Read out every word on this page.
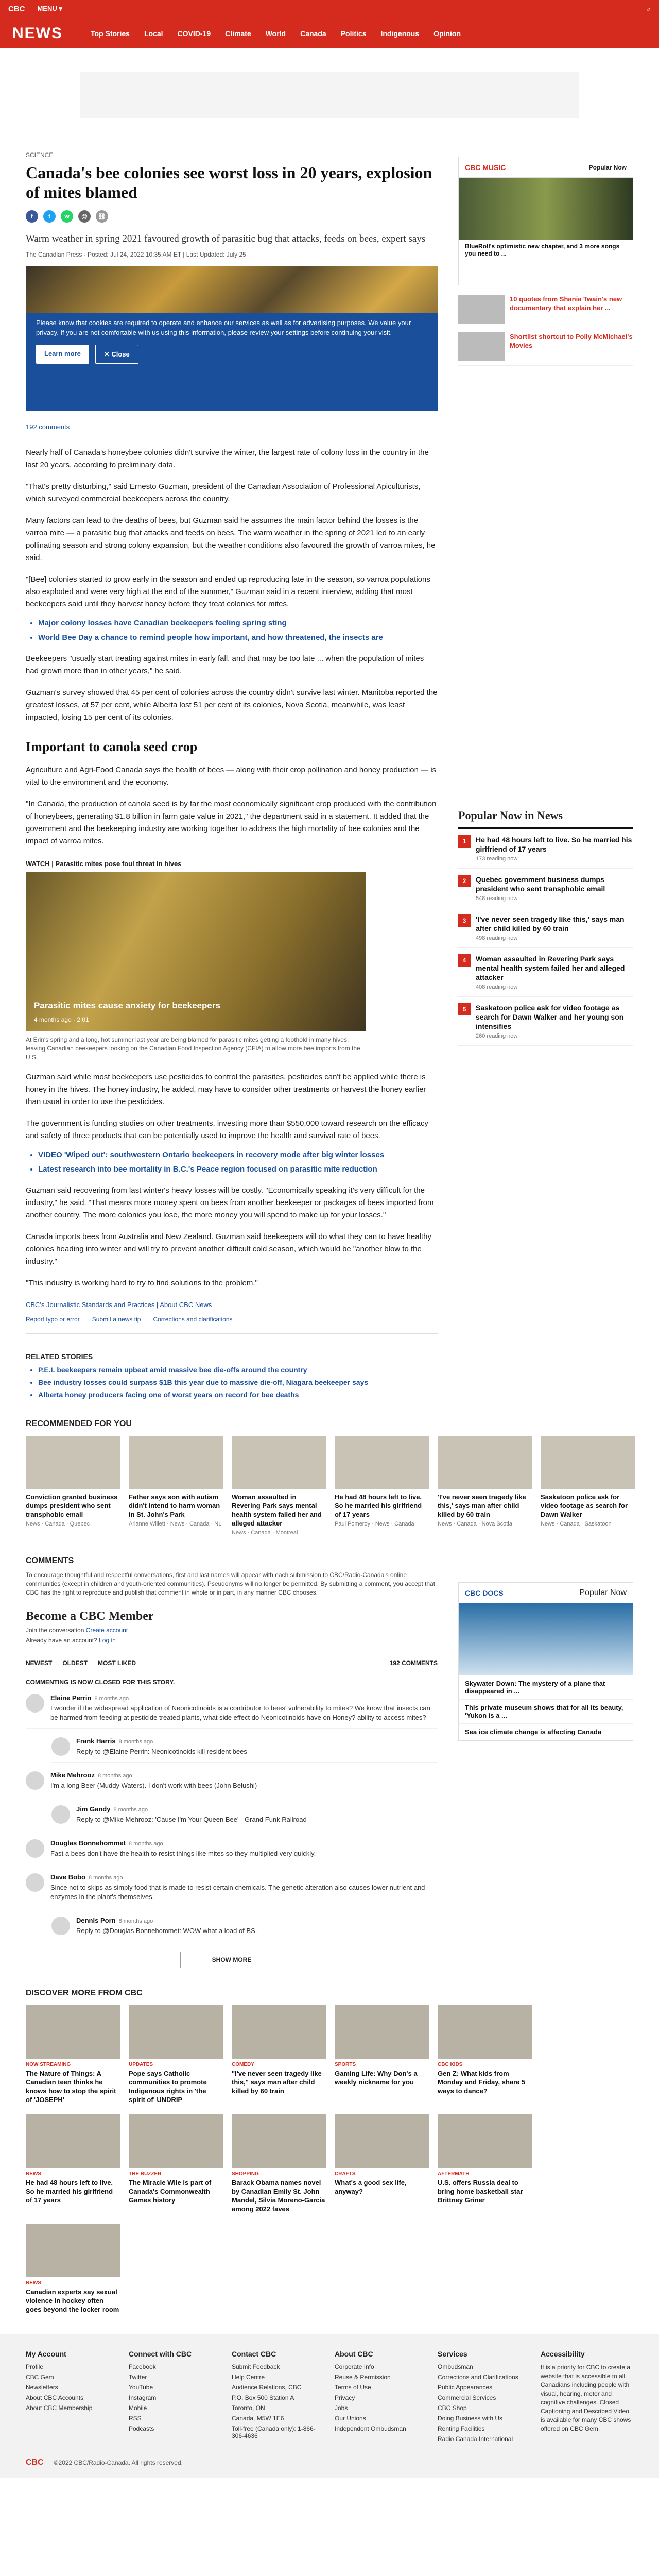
CBC MENU ▾	⌕
NEWS	Top Stories	Local	COVID-19	Climate	World	Canada	Politics	Indigenous	Opinion
SCIENCE
Canada's bee colonies see worst loss in 20 years, explosion of mites blamed
f	t	w	@	⛓

Warm weather in spring 2021 favoured growth of parasitic bug that attacks, feeds on bees, expert says

The Canadian Press · Posted: Jul 24, 2022 10:35 AM ET | Last Updated: July 25
Please know that cookies are required to operate and enhance our services as well as for advertising purposes. We value your privacy. If you are not comfortable with us using this information, please review your settings before continuing your visit.
Learn more	✕ Close
192 comments

Nearly half of Canada's honeybee colonies didn't survive the winter, the largest rate of colony loss in the country in the last 20 years, according to preliminary data.

"That's pretty disturbing," said Ernesto Guzman, president of the Canadian Association of Professional Apiculturists, which surveyed commercial beekeepers across the country.

Many factors can lead to the deaths of bees, but Guzman said he assumes the main factor behind the losses is the varroa mite — a parasitic bug that attacks and feeds on bees. The warm weather in the spring of 2021 led to an early pollinating season and strong colony expansion, but the weather conditions also favoured the growth of varroa mites, he said.

"[Bee] colonies started to grow early in the season and ended up reproducing late in the season, so varroa populations also exploded and were very high at the end of the summer," Guzman said in a recent interview, adding that most beekeepers said until they harvest honey before they treat colonies for mites.

• Major colony losses have Canadian beekeepers feeling spring sting
• World Bee Day a chance to remind people how important, and how threatened, the insects are

Beekeepers "usually start treating against mites in early fall, and that may be too late ... when the population of mites had grown more than in other years," he said.

Guzman's survey showed that 45 per cent of colonies across the country didn't survive last winter. Manitoba reported the greatest losses, at 57 per cent, while Alberta lost 51 per cent of its colonies, Nova Scotia, meanwhile, was least impacted, losing 15 per cent of its colonies.

Important to canola seed crop

Agriculture and Agri-Food Canada says the health of bees — along with their crop pollination and honey production — is vital to the environment and the economy.

"In Canada, the production of canola seed is by far the most economically significant crop produced with the contribution of honeybees, generating $1.8 billion in farm gate value in 2021," the department said in a statement. It added that the government and the beekeeping industry are working together to address the high mortality of bee colonies and the impact of varroa mites.

WATCH | Parasitic mites pose foul threat in hives
Parasitic mites cause anxiety for beekeepers
4 months ago · 2:01
At Erin's spring and a long, hot summer last year are being blamed for parasitic mites getting a foothold in many hives, leaving Canadian beekeepers looking on the Canadian Food Inspection Agency (CFIA) to allow more bee imports from the U.S.

Guzman said while most beekeepers use pesticides to control the parasites, pesticides can't be applied while there is honey in the hives. The honey industry, he added, may have to consider other treatments or harvest the honey earlier than usual in order to use the pesticides.

The government is funding studies on other treatments, investing more than $550,000 toward research on the efficacy and safety of three products that can be potentially used to improve the health and survival rate of bees.

• VIDEO 'Wiped out': southwestern Ontario beekeepers in recovery mode after big winter losses
• Latest research into bee mortality in B.C.'s Peace region focused on parasitic mite reduction

Guzman said recovering from last winter's heavy losses will be costly. "Economically speaking it's very difficult for the industry," he said. "That means more money spent on bees from another beekeeper or packages of bees imported from another country. The more colonies you lose, the more money you will spend to make up for your losses."

Canada imports bees from Australia and New Zealand. Guzman said beekeepers will do what they can to have healthy colonies heading into winter and will try to prevent another difficult cold season, which would be "another blow to the industry."

"This industry is working hard to try to find solutions to the problem."

CBC's Journalistic Standards and Practices | About CBC News
Report typo or error Submit a news tip Corrections and clarifications
RELATED STORIES
• P.E.I. beekeepers remain upbeat amid massive bee die-offs around the country
• Bee industry losses could surpass $1B this year due to massive die-off, Niagara beekeeper says
• Alberta honey producers facing one of worst years on record for bee deaths
CBC MUSIC	Popular Now
BlueRoll's optimistic new chapter, and 3 more songs you need to ...
10 quotes from Shania Twain's new documentary that explain her ...
Shortlist shortcut to Polly McMichael's Movies
Popular Now in News
1	He had 48 hours left to live. So he married his girlfriend of 17 years
173 reading now
2	Quebec government business dumps president who sent transphobic email
548 reading now
3	'I've never seen tragedy like this,' says man after child killed by 60 train
498 reading now
4	Woman assaulted in Revering Park says mental health system failed her and alleged attacker
408 reading now
5	Saskatoon police ask for video footage as search for Dawn Walker and her young son intensifies
260 reading now
RECOMMENDED FOR YOU
Conviction granted business dumps president who sent transphobic email
News · Canada · Quebec
Father says son with autism didn't intend to harm woman in St. John's Park
Arianne Willett · News · Canada · NL
Woman assaulted in Revering Park says mental health system failed her and alleged attacker
News · Canada · Montreal
He had 48 hours left to live. So he married his girlfriend of 17 years
Paul Pomeroy · News · Canada
'I've never seen tragedy like this,' says man after child killed by 60 train
News · Canada · Nova Scotia
Saskatoon police ask for video footage as search for Dawn Walker
News · Canada · Saskatoon
COMMENTS

To encourage thoughtful and respectful conversations, first and last names will appear with each submission to CBC/Radio-Canada's online communities (except in children and youth-oriented communities). Pseudonyms will no longer be permitted. By submitting a comment, you accept that CBC has the right to reproduce and publish that comment in whole or in part, in any manner CBC chooses.

Become a CBC Member
Join the conversation Create account
Already have an account? Log in
NEWEST OLDEST MOST LIKED	192 COMMENTS
COMMENTING IS NOW CLOSED FOR THIS STORY.
Elaine Perrin 8 months ago
I wonder if the widespread application of Neonicotinoids is a contributor to bees' vulnerability to mites? We know that insects can be harmed from feeding at pesticide treated plants, what side effect do Neonicotinoids have on Honey? ability to access mites?
Frank Harris 8 months ago
Reply to @Elaine Perrin: Neonicotinoids kill resident bees
Mike Mehrooz 8 months ago
I'm a long Beer (Muddy Waters). I don't work with bees (John Belushi)
Jim Gandy 8 months ago
Reply to @Mike Mehrooz: 'Cause I'm Your Queen Bee' - Grand Funk Railroad
Douglas Bonnehommet 8 months ago
Fast a bees don't have the health to resist things like mites so they multiplied very quickly.
Dave Bobo 8 months ago
Since not to skips as simply food that is made to resist certain chemicals. The genetic alteration also causes lower nutrient and enzymes in the plant's themselves.
Dennis Porn 8 months ago
Reply to @Douglas Bonnehommet: WOW what a load of BS.
SHOW MORE
CBC DOCS	Popular Now
Skywater Down: The mystery of a plane that disappeared in ...
This private museum shows that for all its beauty, 'Yukon is a ...
Sea ice climate change is affecting Canada
DISCOVER MORE FROM CBC
NOW STREAMING
The Nature of Things: A Canadian teen thinks he knows how to stop the spirit of 'JOSEPH'
UPDATES
Pope says Catholic communities to promote Indigenous rights in 'the spirit of' UNDRIP
COMEDY
"I've never seen tragedy like this," says man after child killed by 60 train
SPORTS
Gaming Life: Why Don's a weekly nickname for you
CBC KIDS
Gen Z: What kids from Monday and Friday, share 5 ways to dance?
NEWS
He had 48 hours left to live. So he married his girlfriend of 17 years
THE BUZZER
The Miracle Wile is part of Canada's Commonwealth Games history
SHOPPING
Barack Obama names novel by Canadian Emily St. John Mandel, Silvia Moreno-Garcia among 2022 faves
CRAFTS
What's a good sex life, anyway?
AFTERMATH
U.S. offers Russia deal to bring home basketball star Brittney Griner
NEWS
Canadian experts say sexual violence in hockey often goes beyond the locker room
My Account
Profile
CBC Gem
Newsletters
About CBC Accounts
About CBC Membership
Connect with CBC
Facebook
Twitter
YouTube
Instagram
Mobile
RSS
Podcasts
Contact CBC
Submit Feedback
Help Centre
Audience Relations, CBC
P.O. Box 500 Station A
Toronto, ON
Canada, M5W 1E6
Toll-free (Canada only): 1-866-306-4636
About CBC
Corporate Info
Reuse & Permission
Terms of Use
Privacy
Jobs
Our Unions
Independent Ombudsman
Services
Ombudsman
Corrections and Clarifications
Public Appearances
Commercial Services
CBC Shop
Doing Business with Us
Renting Facilities
Radio Canada International
Accessibility

It is a priority for CBC to create a website that is accessible to all Canadians including people with visual, hearing, motor and cognitive challenges. Closed Captioning and Described Video is available for many CBC shows offered on CBC Gem.

CBC ©2022 CBC/Radio-Canada. All rights reserved.
